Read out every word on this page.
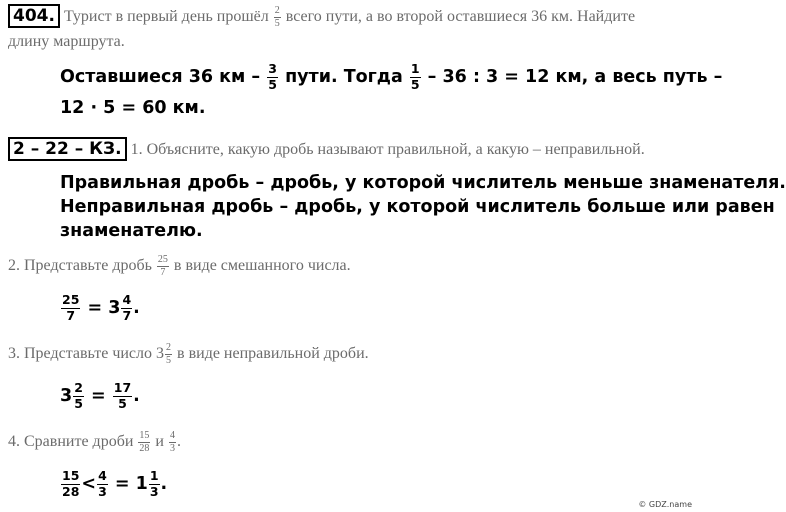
404. Турист в первый день прошёл $\frac{2}{5}$ всего пути, а во второй оставшиеся 36 км. Найдите
длину маршрута.
Оставшиеся 36 км – $\frac{3}{5}$ пути. Тогда $\frac{1}{5} - 36$ : 3 = 12 км, а весь путь –
12 · 5 = 60 км.
2 – 22 – КЗ. 1. Объясните, какую дробь называют правильной, а какую – неправильной.
Правильная дробь – дробь, у которой числитель меньше знаменателя.
Неправильная дробь – дробь, у которой числитель больше или равен
знаменателю.
2. Представьте дробь $\frac{25}{7}$ в виде смешанного числа.
$\frac{25}{7} = 3 \frac{4}{7}$ .
3. Представьте число $3 \frac{2}{5}$ в виде неправильной дроби.
$3 \frac{2}{5} = \frac{17}{5}$ .
4. Сравните дроби $\frac{15}{28}$ и $\frac{4}{3}$ .
$\frac{15}{28} < \frac{4}{3} = 1 \frac{1}{3}$ .
© GDZ.name
